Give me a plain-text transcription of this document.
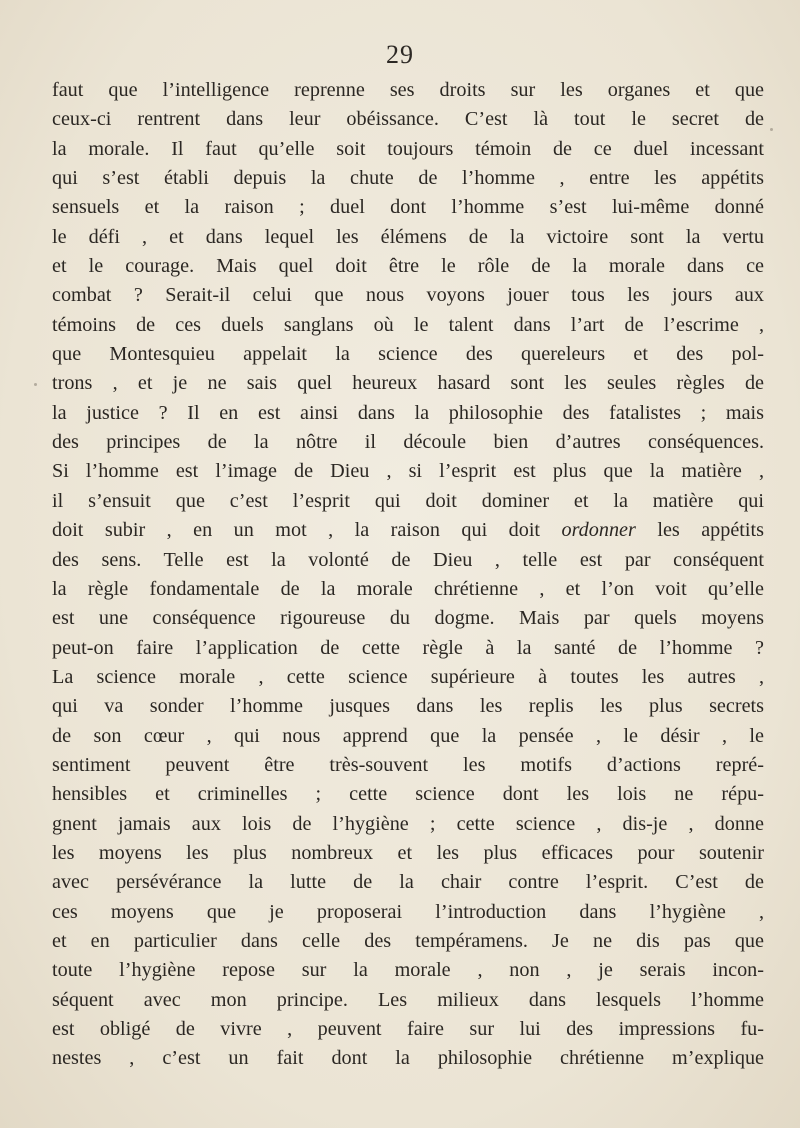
29
faut que l’intelligence reprenne ses droits sur les organes et que
ceux-ci rentrent dans leur obéissance. C’est là tout le secret de
la morale. Il faut qu’elle soit toujours témoin de ce duel incessant
qui s’est établi depuis la chute de l’homme , entre les appétits
sensuels et la raison ; duel dont l’homme s’est lui-même donné
le défi , et dans lequel les élémens de la victoire sont la vertu
et le courage. Mais quel doit être le rôle de la morale dans ce
combat ? Serait-il celui que nous voyons jouer tous les jours aux
témoins de ces duels sanglans où le talent dans l’art de l’escrime ,
que Montesquieu appelait la science des quereleurs et des pol-
trons , et je ne sais quel heureux hasard sont les seules règles de
la justice ? Il en est ainsi dans la philosophie des fatalistes ; mais
des principes de la nôtre il découle bien d’autres conséquences.
Si l’homme est l’image de Dieu , si l’esprit est plus que la matière ,
il s’ensuit que c’est l’esprit qui doit dominer et la matière qui
doit subir , en un mot , la raison qui doit ordonner les appétits
des sens. Telle est la volonté de Dieu , telle est par conséquent
la règle fondamentale de la morale chrétienne , et l’on voit qu’elle
est une conséquence rigoureuse du dogme. Mais par quels moyens
peut-on faire l’application de cette règle à la santé de l’homme ?
La science morale , cette science supérieure à toutes les autres ,
qui va sonder l’homme jusques dans les replis les plus secrets
de son cœur , qui nous apprend que la pensée , le désir , le
sentiment peuvent être très-souvent les motifs d’actions repré-
hensibles et criminelles ; cette science dont les lois ne répu-
gnent jamais aux lois de l’hygiène ; cette science , dis-je , donne
les moyens les plus nombreux et les plus efficaces pour soutenir
avec persévérance la lutte de la chair contre l’esprit. C’est de
ces moyens que je proposerai l’introduction dans l’hygiène ,
et en particulier dans celle des tempéramens. Je ne dis pas que
toute l’hygiène repose sur la morale , non , je serais incon-
séquent avec mon principe. Les milieux dans lesquels l’homme
est obligé de vivre , peuvent faire sur lui des impressions fu-
nestes , c’est un fait dont la philosophie chrétienne m’explique
